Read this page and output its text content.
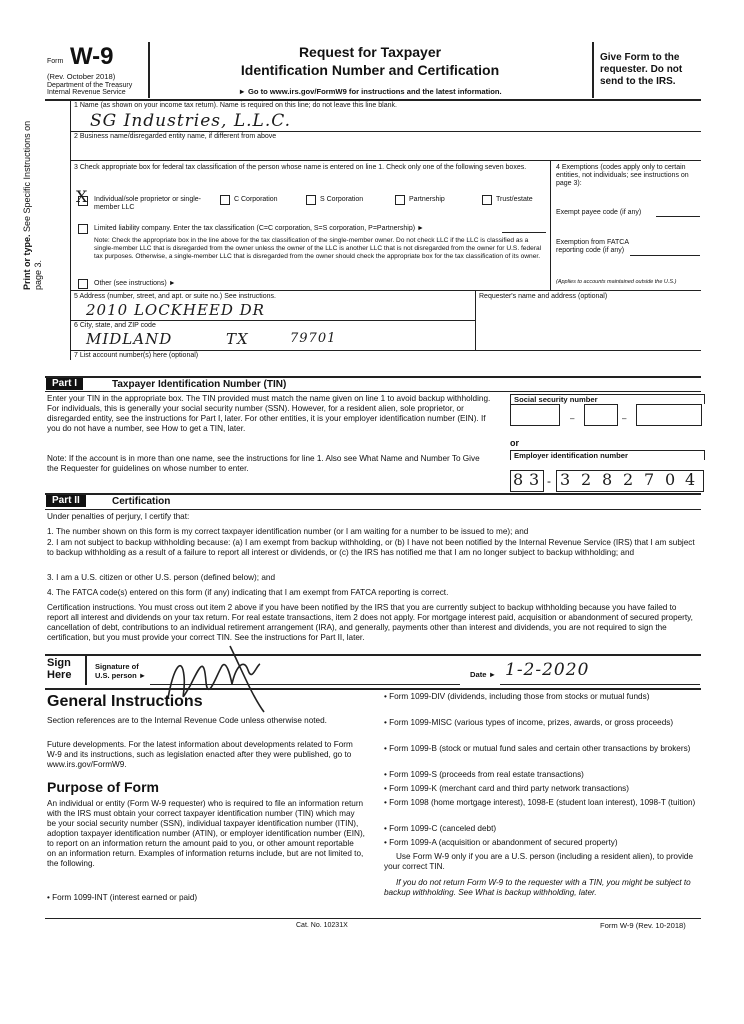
Form W-9
(Rev. October 2018)
Department of the Treasury
Internal Revenue Service
Request for Taxpayer
Identification Number and Certification
► Go to www.irs.gov/FormW9 for instructions and the latest information.
Give Form to the requester. Do not send to the IRS.
Print or type. See Specific Instructions on page 3.
1 Name (as shown on your income tax return). Name is required on this line; do not leave this line blank.
SG Industries, L.L.C.
2 Business name/disregarded entity name, if different from above
3 Check appropriate box for federal tax classification of the person whose name is entered on line 1. Check only one of the following seven boxes.
X Individual/sole proprietor or single-member LLC
C Corporation	S Corporation	Partnership	Trust/estate
Limited liability company. Enter the tax classification (C=C corporation, S=S corporation, P=Partnership) ►
Note: Check the appropriate box in the line above for the tax classification of the single-member owner. Do not check LLC if the LLC is classified as a single-member LLC that is disregarded from the owner unless the owner of the LLC is another LLC that is not disregarded from the owner for U.S. federal tax purposes. Otherwise, a single-member LLC that is disregarded from the owner should check the appropriate box for the tax classification of its owner.
Other (see instructions) ►
4 Exemptions (codes apply only to certain entities, not individuals; see instructions on page 3):
Exempt payee code (if any)
Exemption from FATCA reporting code (if any)
(Applies to accounts maintained outside the U.S.)
5 Address (number, street, and apt. or suite no.) See instructions.
2010 LOCKHEED DR
Requester's name and address (optional)
6 City, state, and ZIP code
MIDLAND	TX	79701
7 List account number(s) here (optional)
Part I	Taxpayer Identification Number (TIN)
Enter your TIN in the appropriate box. The TIN provided must match the name given on line 1 to avoid backup withholding. For individuals, this is generally your social security number (SSN). However, for a resident alien, sole proprietor, or disregarded entity, see the instructions for Part I, later. For other entities, it is your employer identification number (EIN). If you do not have a number, see How to get a TIN, later.
Note: If the account is in more than one name, see the instructions for line 1. Also see What Name and Number To Give the Requester for guidelines on whose number to enter.
Social security number
–	–
or
Employer identification number
8 3 - 3 2 8 2 7 0 4
Part II	Certification
Under penalties of perjury, I certify that:
1. The number shown on this form is my correct taxpayer identification number (or I am waiting for a number to be issued to me); and
2. I am not subject to backup withholding because: (a) I am exempt from backup withholding, or (b) I have not been notified by the Internal Revenue Service (IRS) that I am subject to backup withholding as a result of a failure to report all interest or dividends, or (c) the IRS has notified me that I am no longer subject to backup withholding; and
3. I am a U.S. citizen or other U.S. person (defined below); and
4. The FATCA code(s) entered on this form (if any) indicating that I am exempt from FATCA reporting is correct.
Certification instructions. You must cross out item 2 above if you have been notified by the IRS that you are currently subject to backup withholding because you have failed to report all interest and dividends on your tax return. For real estate transactions, item 2 does not apply. For mortgage interest paid, acquisition or abandonment of secured property, cancellation of debt, contributions to an individual retirement arrangement (IRA), and generally, payments other than interest and dividends, you are not required to sign the certification, but you must provide your correct TIN. See the instructions for Part II, later.
Sign Here
Signature of U.S. person ►	Date ► 1-2-2020
General Instructions
Section references are to the Internal Revenue Code unless otherwise noted.
Future developments. For the latest information about developments related to Form W-9 and its instructions, such as legislation enacted after they were published, go to www.irs.gov/FormW9.
Purpose of Form
An individual or entity (Form W-9 requester) who is required to file an information return with the IRS must obtain your correct taxpayer identification number (TIN) which may be your social security number (SSN), individual taxpayer identification number (ITIN), adoption taxpayer identification number (ATIN), or employer identification number (EIN), to report on an information return the amount paid to you, or other amount reportable on an information return. Examples of information returns include, but are not limited to, the following.
• Form 1099-INT (interest earned or paid)
• Form 1099-DIV (dividends, including those from stocks or mutual funds)
• Form 1099-MISC (various types of income, prizes, awards, or gross proceeds)
• Form 1099-B (stock or mutual fund sales and certain other transactions by brokers)
• Form 1099-S (proceeds from real estate transactions)
• Form 1099-K (merchant card and third party network transactions)
• Form 1098 (home mortgage interest), 1098-E (student loan interest), 1098-T (tuition)
• Form 1099-C (canceled debt)
• Form 1099-A (acquisition or abandonment of secured property)
Use Form W-9 only if you are a U.S. person (including a resident alien), to provide your correct TIN.
If you do not return Form W-9 to the requester with a TIN, you might be subject to backup withholding. See What is backup withholding, later.
Cat. No. 10231X	Form W-9 (Rev. 10-2018)
